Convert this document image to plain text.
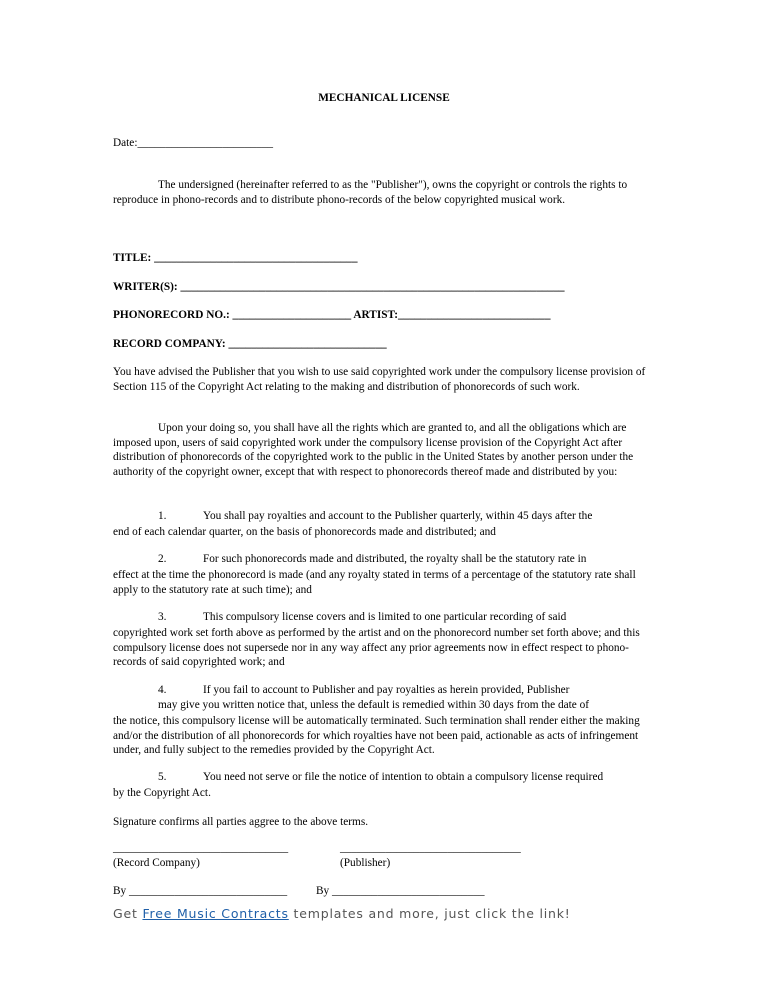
MECHANICAL LICENSE

Date:________________________

The undersigned (hereinafter referred to as the "Publisher"), owns the copyright or controls the rights to reproduce in phono-records and to distribute phono-records of the below copyrighted musical work.

TITLE: ____________________________________

WRITER(S): ____________________________________________________________________

PHONORECORD NO.: _____________________ ARTIST:___________________________

RECORD COMPANY: ____________________________

You have advised the Publisher that you wish to use said copyrighted work under the compulsory license provision of Section 115 of the Copyright Act relating to the making and distribution of phonorecords of such work.

Upon your doing so, you shall have all the rights which are granted to, and all the obligations which are imposed upon, users of said copyrighted work under the compulsory license provision of the Copyright Act after distribution of phonorecords of the copyrighted work to the public in the United States by another person under the authority of the copyright owner, except that with respect to phonorecords thereof made and distributed by you:

1.	You shall pay royalties and account to the Publisher quarterly, within 45 days after the

end of each calendar quarter, on the basis of phonorecords made and distributed; and

2.	For such phonorecords made and distributed, the royalty shall be the statutory rate in

effect at the time the phonorecord is made (and any royalty stated in terms of a percentage of the statutory rate shall apply to the statutory rate at such time); and

3.	This compulsory license covers and is limited to one particular recording of said

copyrighted work set forth above as performed by the artist and on the phonorecord number set forth above; and this compulsory license does not supersede nor in any way affect any prior agreements now in effect respect to phono-records of said copyrighted work; and

4.	If you fail to account to Publisher and pay royalties as herein provided, Publisher
may give you written notice that, unless the default is remedied within 30 days from the date of

the notice, this compulsory license will be automatically terminated. Such termination shall render either the making and/or the distribution of all phonorecords for which royalties have not been paid, actionable as acts of infringement under, and fully subject to the remedies provided by the Copyright Act.

5.	You need not serve or file the notice of intention to obtain a compulsory license required

by the Copyright Act.

Signature confirms all parties aggree to the above terms.

_______________________________	________________________________
(Record Company)	(Publisher)
By ____________________________	By ___________________________

Get Free Music Contracts templates and more, just click the link!
